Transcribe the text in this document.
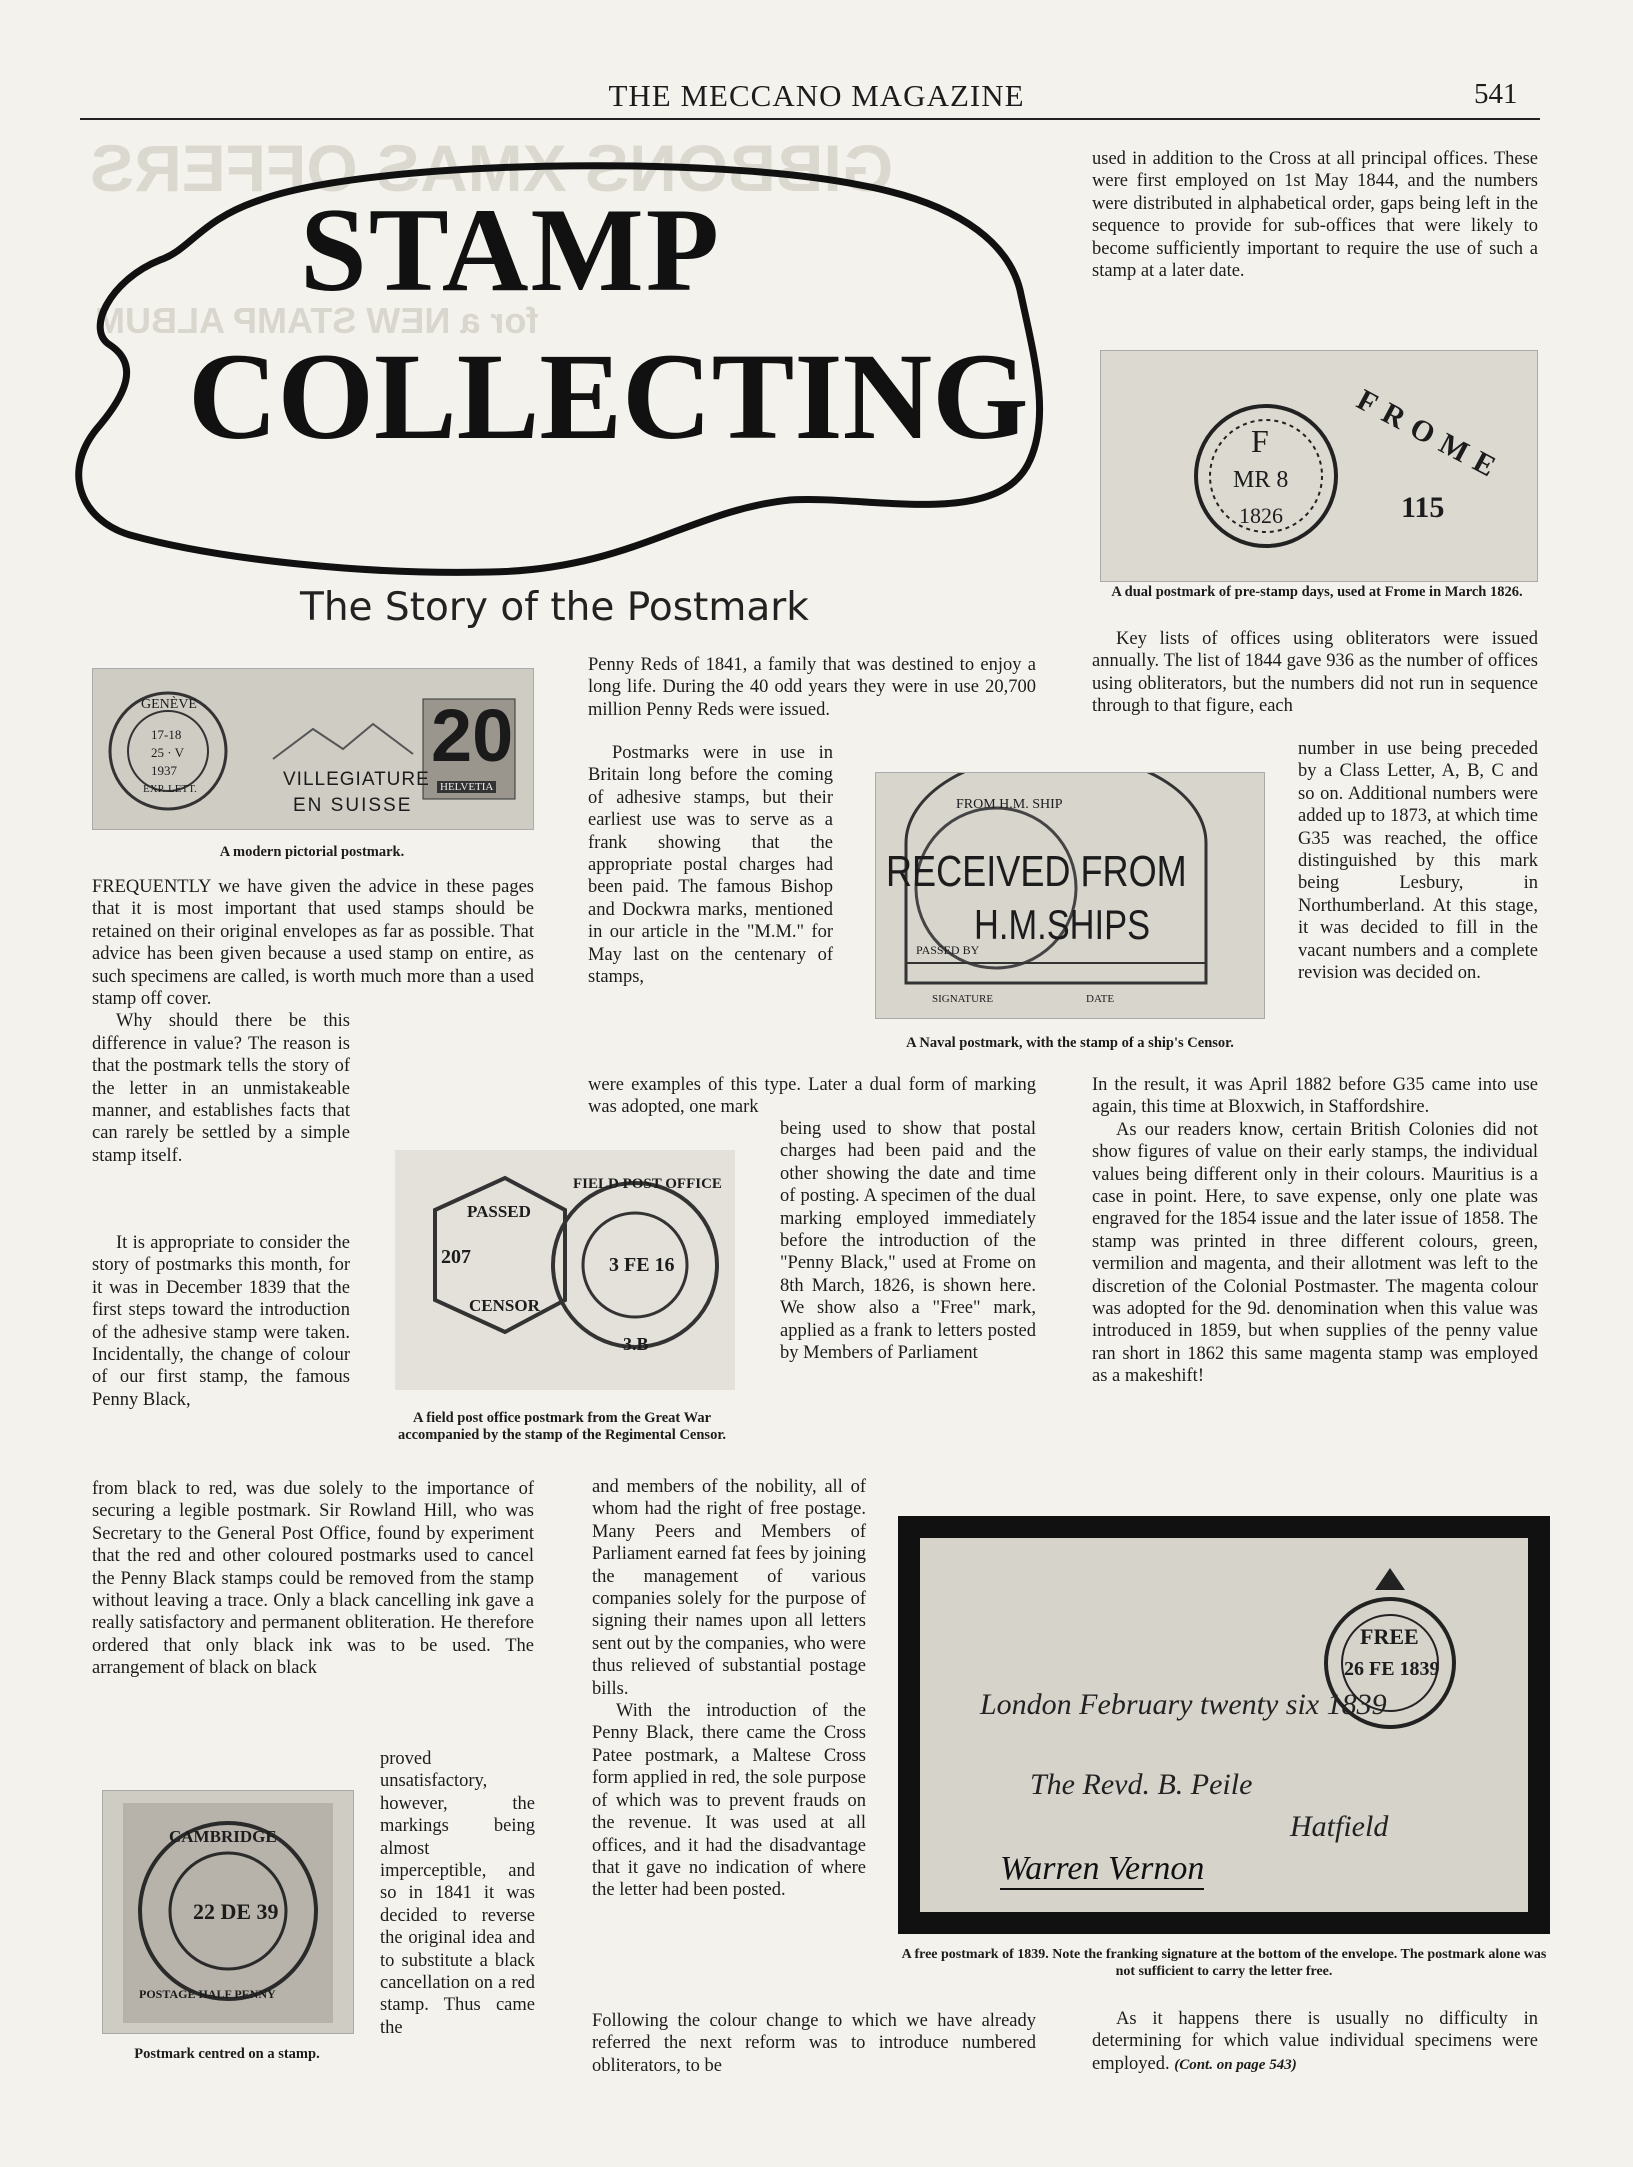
THE MECCANO MAGAZINE	541
GIBBONS XMAS OFFERS
for a NEW STAMP ALBUM
STAMP
COLLECTING
The Story of the Postmark
GENÈVE
17-18
25 · V
1937
EXP. LETT.	VILLEGIATURE
EN SUISSE
20
HELVETIA
A modern pictorial postmark.

FREQUENTLY we have given the advice in these pages that it is most important that used stamps should be retained on their original envelopes as far as possible. That advice has been given because a used stamp on entire, as such specimens are called, is worth much more than a used stamp off cover.

Why should there be this difference in value? The reason is that the postmark tells the story of the letter in an unmistakeable manner, and establishes facts that can rarely be settled by a simple stamp itself.

It is appropriate to consider the story of postmarks this month, for it was in December 1839 that the first steps toward the introduction of the adhesive stamp were taken. Incidentally, the change of colour of our first stamp, the famous Penny Black,

from black to red, was due solely to the importance of securing a legible postmark. Sir Rowland Hill, who was Secretary to the General Post Office, found by experiment that the red and other coloured postmarks used to cancel the Penny Black stamps could be removed from the stamp without leaving a trace. Only a black cancelling ink gave a really satisfactory and permanent obliteration. He therefore ordered that only black ink was to be used. The arrangement of black on black

proved unsatisfactory, however, the markings being almost imperceptible, and so in 1841 it was decided to reverse the original idea and to substitute a black cancellation on a red stamp. Thus came the

CAMBRIDGE
22 DE 39
POSTAGE HALF PENNY
Postmark centred on a stamp.
PASSED
207
CENSOR
FIELD POST OFFICE
3 FE 16
3.B
A field post office postmark from the Great War accompanied by the stamp of the Regimental Censor.

Penny Reds of 1841, a family that was destined to enjoy a long life. During the 40 odd years they were in use 20,700 million Penny Reds were issued.

Postmarks were in use in Britain long before the coming of adhesive stamps, but their earliest use was to serve as a frank showing that the appropriate postal charges had been paid. The famous Bishop and Dockwra marks, mentioned in our article in the "M.M." for May last on the centenary of stamps,

were examples of this type. Later a dual form of marking was adopted, one mark

being used to show that postal charges had been paid and the other showing the date and time of posting. A specimen of the dual marking employed immediately before the introduction of the "Penny Black," used at Frome on 8th March, 1826, is shown here. We show also a "Free" mark, applied as a frank to letters posted by Members of Parliament

and members of the nobility, all of whom had the right of free postage. Many Peers and Members of Parliament earned fat fees by joining the management of various companies solely for the purpose of signing their names upon all letters sent out by the companies, who were thus relieved of substantial postage bills.

With the introduction of the Penny Black, there came the Cross Patee postmark, a Maltese Cross form applied in red, the sole purpose of which was to prevent frauds on the revenue. It was used at all offices, and it had the disadvantage that it gave no indication of where the letter had been posted.

Following the colour change to which we have already referred the next reform was to introduce numbered obliterators, to be

FROM H.M. SHIP
RECEIVED FROM
H.M.SHIPS
PASSED BY
SIGNATURE	DATE
A Naval postmark, with the stamp of a ship's Censor.

used in addition to the Cross at all principal offices. These were first employed on 1st May 1844, and the numbers were distributed in alphabetical order, gaps being left in the sequence to provide for sub-offices that were likely to become sufficiently important to require the use of such a stamp at a later date.

FROME
115
F
MR 8
1826
A dual postmark of pre-stamp days, used at Frome in March 1826.

Key lists of offices using obliterators were issued annually. The list of 1844 gave 936 as the number of offices using obliterators, but the numbers did not run in sequence through to that figure, each

number in use being preceded by a Class Letter, A, B, C and so on. Additional numbers were added up to 1873, at which time G35 was reached, the office distinguished by this mark being Lesbury, in Northumberland. At this stage, it was decided to fill in the vacant numbers and a complete revision was decided on.

In the result, it was April 1882 before G35 came into use again, this time at Bloxwich, in Staffordshire.

As our readers know, certain British Colonies did not show figures of value on their early stamps, the individual values being different only in their colours. Mauritius is a case in point. Here, to save expense, only one plate was engraved for the 1854 issue and the later issue of 1858. The stamp was printed in three different colours, green, vermilion and magenta, and their allotment was left to the discretion of the Colonial Postmaster. The magenta colour was adopted for the 9d. denomination when this value was introduced in 1859, but when supplies of the penny value ran short in 1862 this same magenta stamp was employed as a makeshift!

FREE
26 FE 1839
London February twenty six 1839
The Revd. B. Peile
Hatfield
Warren Vernon
A free postmark of 1839. Note the franking signature at the bottom of the envelope. The postmark alone was not sufficient to carry the letter free.

As it happens there is usually no difficulty in determining for which value individual specimens were employed. (Cont. on page 543)
